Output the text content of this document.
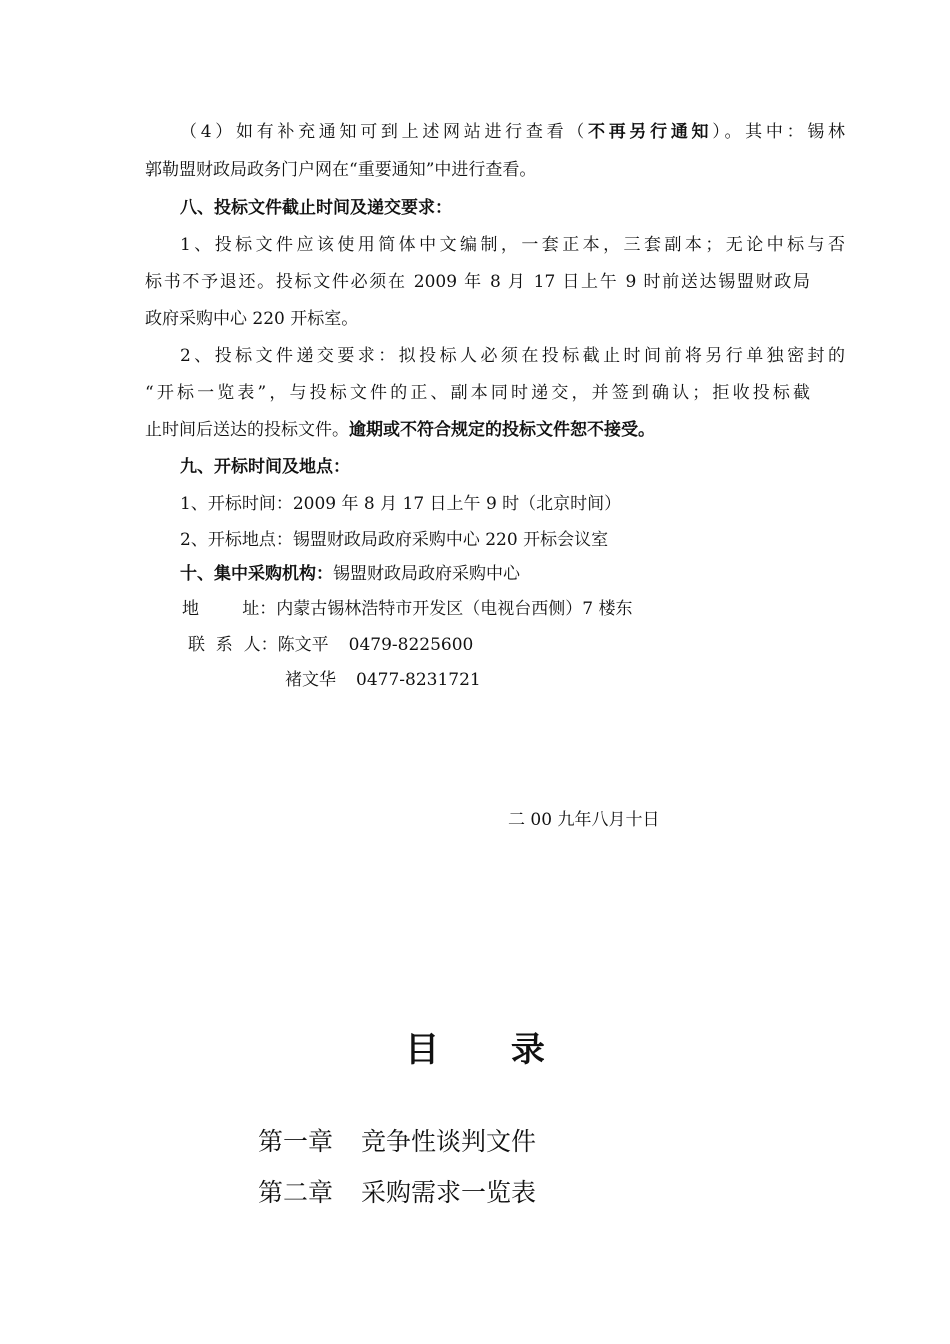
（4）如有补充通知可到上述网站进行查看（不再另行通知）。其中：锡林
郭勒盟财政局政务门户网在“重要通知”中进行查看。
八、投标文件截止时间及递交要求：
1、投标文件应该使用简体中文编制，一套正本，三套副本；无论中标与否
标书不予退还。投标文件必须在 2009 年 8 月 17 日上午 9 时前送达锡盟财政局
政府采购中心 220 开标室。
2、投标文件递交要求：拟投标人必须在投标截止时间前将另行单独密封的
“开标一览表”，与投标文件的正、副本同时递交，并签到确认；拒收投标截
止时间后送达的投标文件。逾期或不符合规定的投标文件恕不接受。
九、开标时间及地点：
1、开标时间：2009 年 8 月 17 日上午 9 时（北京时间）
2、开标地点：锡盟财政局政府采购中心 220 开标会议室
十、集中采购机构：锡盟财政局政府采购中心
地        址：内蒙古锡林浩特市开发区（电视台西侧）7 楼东
联  系  人：陈文平 0479-8225600
褚文华 0477-8231721
二 00 九年八月十日
目 录
第一章 竞争性谈判文件
第二章 采购需求一览表
